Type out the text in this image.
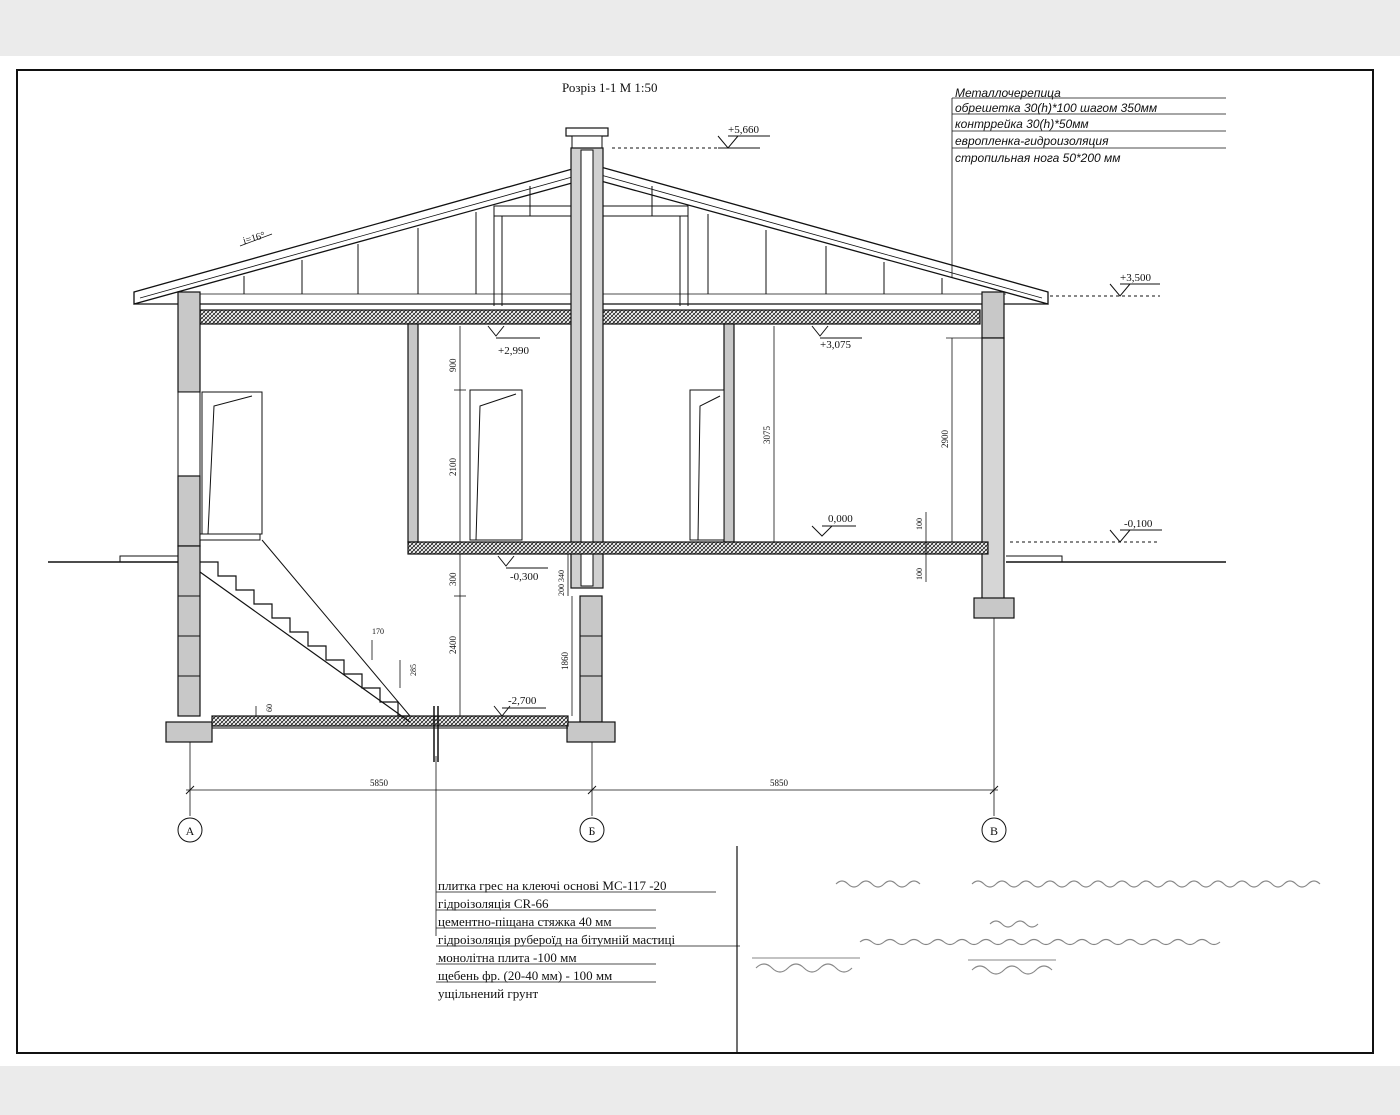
Розріз 1-1 М 1:50
+5,660
+3,500
+2,990	+3,075
0,000	-0,100
-0,300
-2,700
900
2100
3075	2900
100
100
300
2400
200 340
1860
170
285
60
i=16°
Металлочерепица
обрешетка 30(h)*100 шагом 350мм
контррейка 30(h)*50мм
европленка-гидроизоляция
стропильная нога 50*200 мм
5850	5850
А	Б	В
плитка грес на клеючі основі МС-117 -20
гідроізоляція CR-66
цементно-піщана стяжка 40 мм
гідроізоляція рубероїд на бітумній мастиці
монолітна плита -100 мм
щебень фр. (20-40 мм) - 100 мм
ущільнений грунт
